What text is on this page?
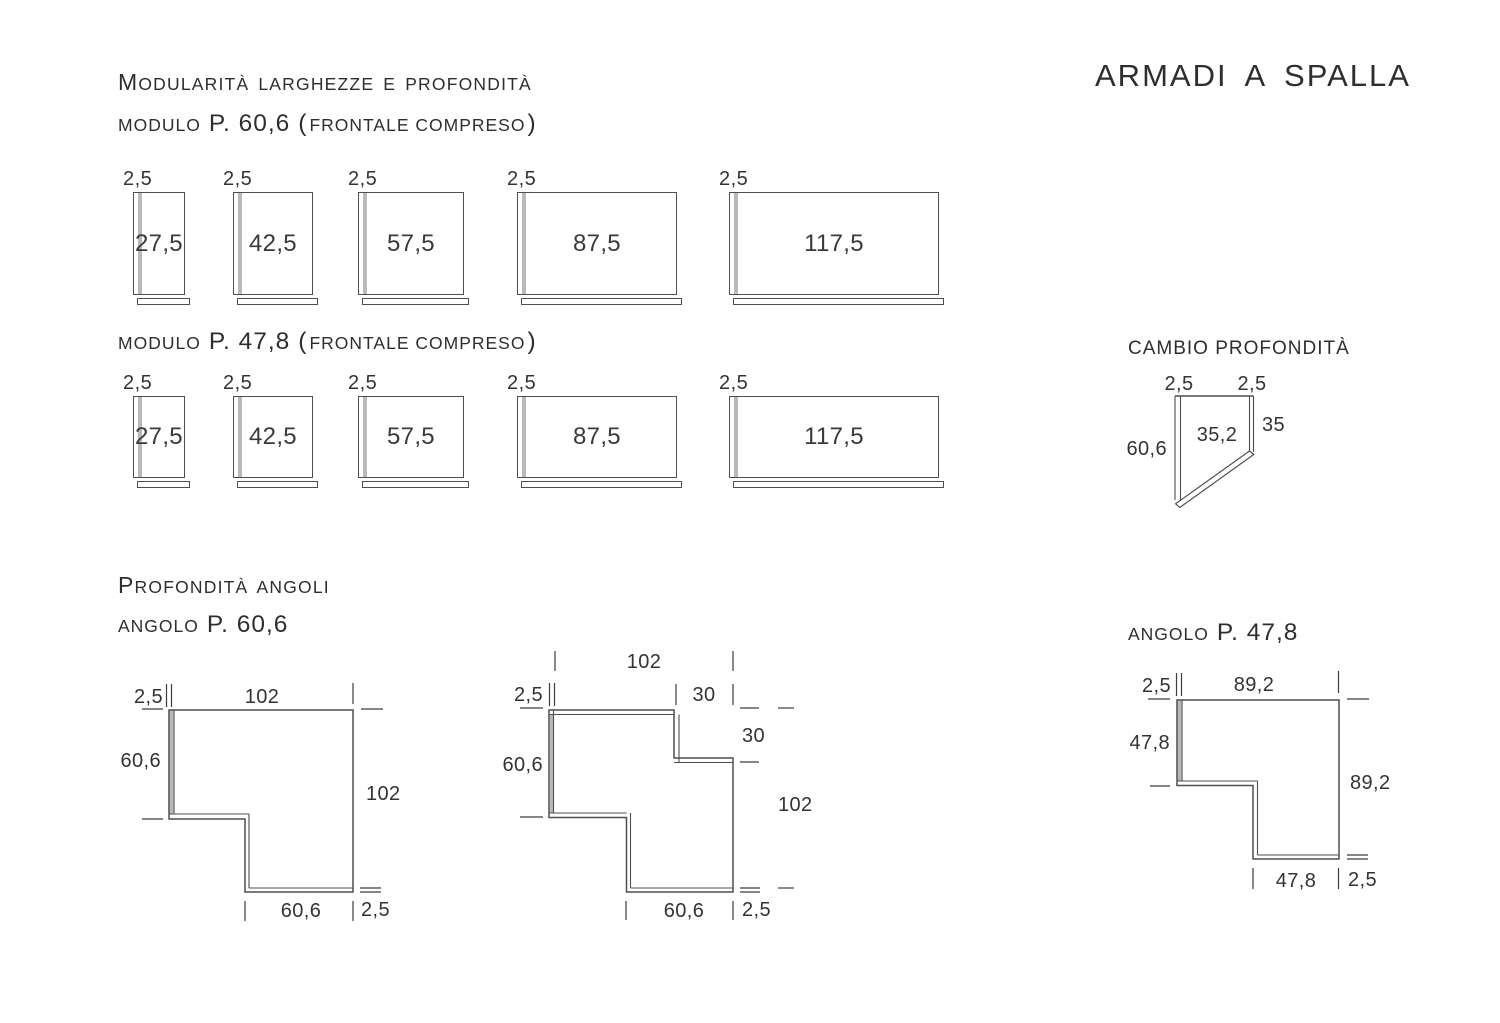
ARMADI A SPALLA
MODULARITÀ LARGHEZZE E PROFONDITÀ
MODULO P. 60,6 ( FRONTALE COMPRESO)
2,5
27,5
2,5
42,5
2,5
57,5
2,5
87,5
2,5
117,5
MODULO P. 47,8 ( FRONTALE COMPRESO)
2,5
27,5
2,5
42,5
2,5
57,5
2,5
87,5
2,5
117,5
CAMBIO PROFONDITÀ
2,5 2,5
35,2 35
60,6
PROFONDITÀ ANGOLI
ANGOLO P. 60,6	ANGOLO P. 47,8
2,5	102
60,6
102
60,6 2,5
102
2,5	30
30
102
60,6
60,6 2,5
2,5	89,2
47,8
89,2
47,8 2,5
